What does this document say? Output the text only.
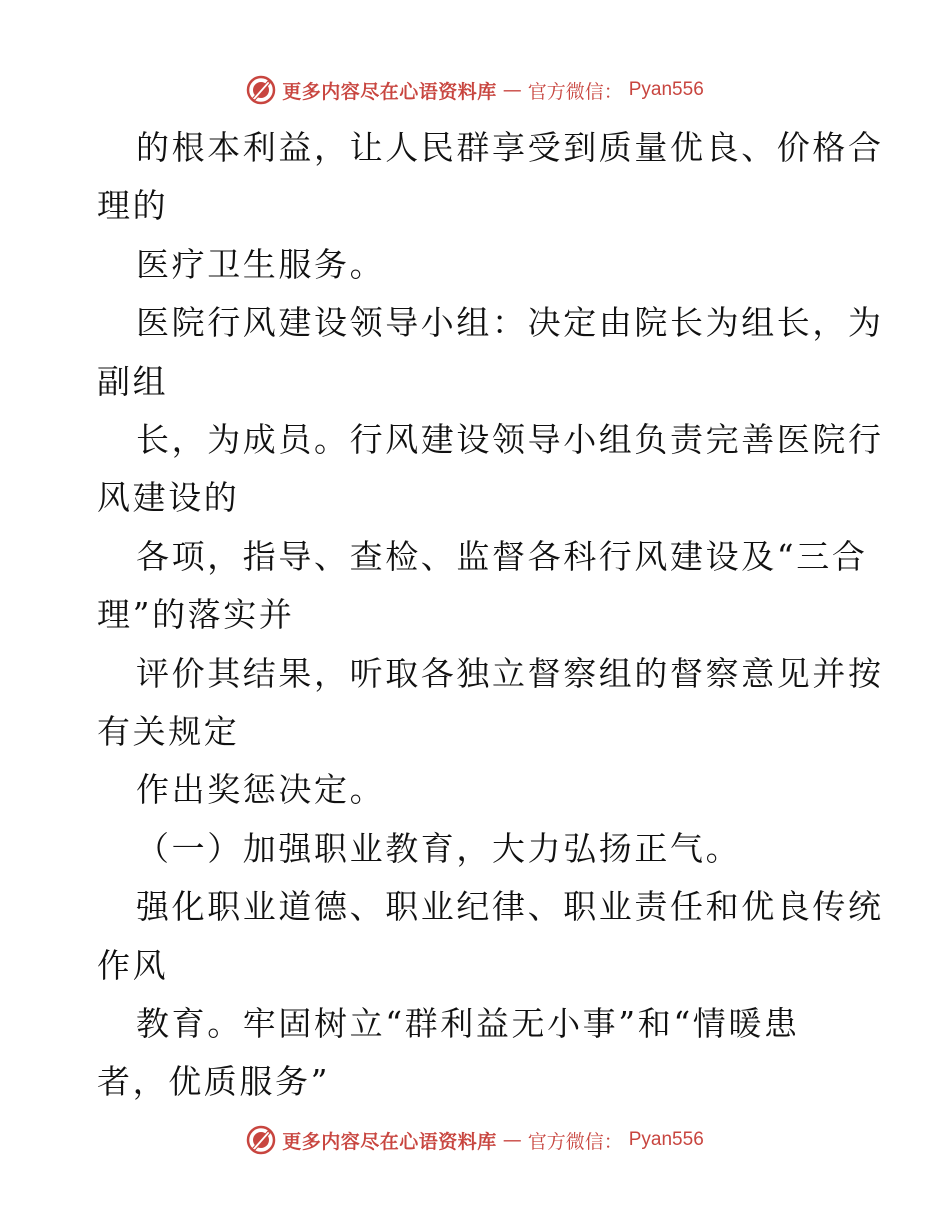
更多内容尽在心语资料库 — 官方微信： Pyan556
的根本利益，让人民群享受到质量优良、价格合
理的
医疗卫生服务。
医院行风建设领导小组：决定由院长为组长，为
副组
长，为成员。行风建设领导小组负责完善医院行
风建设的
各项，指导、查检、监督各科行风建设及“三合
理”的落实并
评价其结果，听取各独立督察组的督察意见并按
有关规定
作出奖惩决定。
（一）加强职业教育，大力弘扬正气。
强化职业道德、职业纪律、职业责任和优良传统
作风
教育。牢固树立“群利益无小事”和“情暖患
者，优质服务”
更多内容尽在心语资料库 — 官方微信： Pyan556
